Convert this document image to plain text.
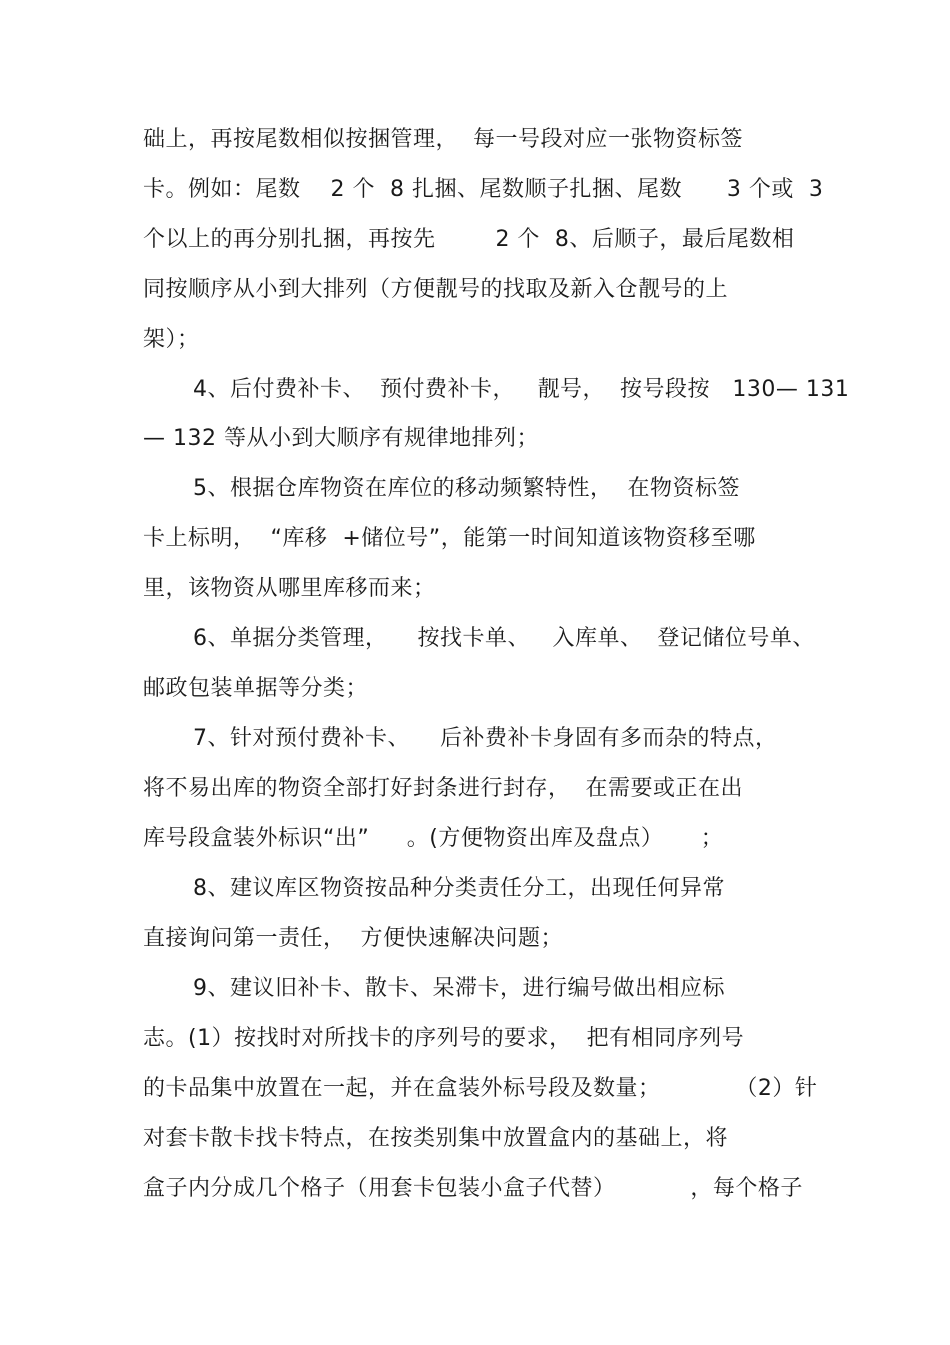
础上，再按尾数相似按捆管理，  每一号段对应一张物资标签
卡。例如：尾数    2 个  8 扎捆、尾数顺子扎捆、尾数      3 个或  3
个以上的再分别扎捆，再按先        2 个  8、后顺子，最后尾数相
同按顺序从小到大排列（方便靓号的找取及新入仓靓号的上
架）；
4、后付费补卡、  预付费补卡，   靓号，  按号段按   130— 131
— 132 等从小到大顺序有规律地排列；
5、根据仓库物资在库位的移动频繁特性，  在物资标签
卡上标明，  “库移  +储位号”，能第一时间知道该物资移至哪
里，该物资从哪里库移而来；
6、单据分类管理，    按找卡单、   入库单、  登记储位号单、
邮政包装单据等分类；
7、针对预付费补卡、    后补费补卡身固有多而杂的特点，
将不易出库的物资全部打好封条进行封存，  在需要或正在出
库号段盒装外标识“出”     。(方便物资出库及盘点）     ；
8、建议库区物资按品种分类责任分工，出现任何异常
直接询问第一责任，  方便快速解决问题；
9、建议旧补卡、散卡、呆滞卡，进行编号做出相应标
志。(1）按找时对所找卡的序列号的要求，  把有相同序列号
的卡品集中放置在一起，并在盒装外标号段及数量；          （2）针
对套卡散卡找卡特点，在按类别集中放置盒内的基础上，将
盒子内分成几个格子（用套卡包装小盒子代替）          ，每个格子
